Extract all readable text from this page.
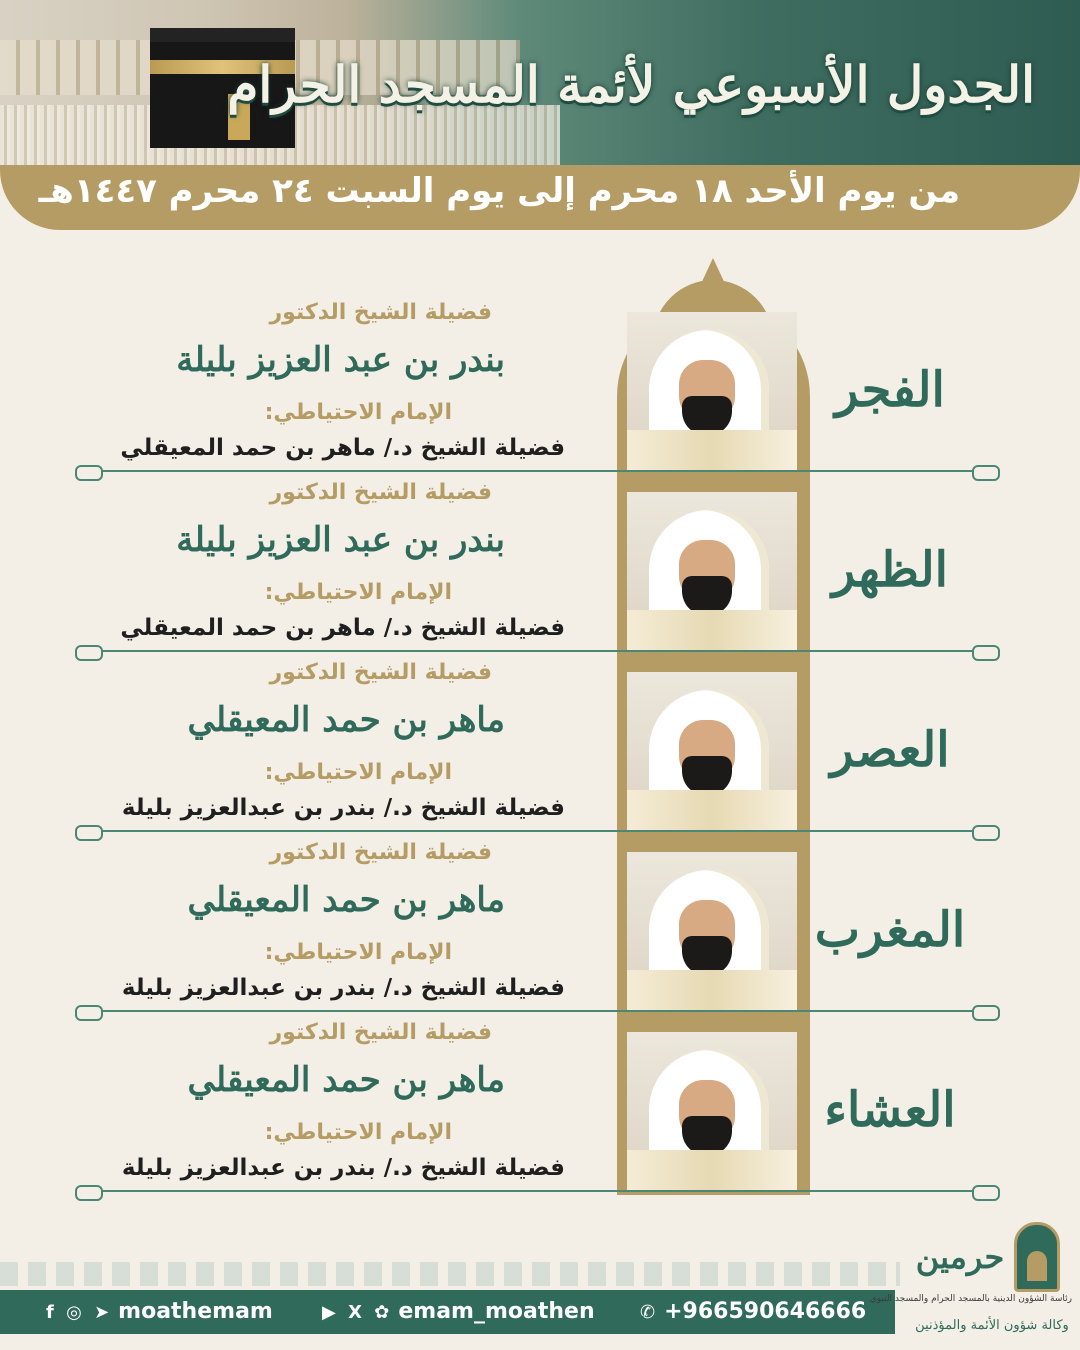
الجدول الأسبوعي لأئمة المسجد الحرام
من يوم الأحد ١٨ محرم إلى يوم السبت ٢٤ محرم ١٤٤٧هـ
فضيلة الشيخ الدكتور
بندر بن عبد العزيز بليلة
الإمام الاحتياطي:
فضيلة الشيخ د./ ماهر بن حمد المعيقلي
الفجر
فضيلة الشيخ الدكتور
بندر بن عبد العزيز بليلة
الإمام الاحتياطي:
فضيلة الشيخ د./ ماهر بن حمد المعيقلي
الظهر
فضيلة الشيخ الدكتور
ماهر بن حمد المعيقلي
الإمام الاحتياطي:
فضيلة الشيخ د./ بندر بن عبدالعزيز بليلة
العصر
فضيلة الشيخ الدكتور
ماهر بن حمد المعيقلي
الإمام الاحتياطي:
فضيلة الشيخ د./ بندر بن عبدالعزيز بليلة
المغرب
فضيلة الشيخ الدكتور
ماهر بن حمد المعيقلي
الإمام الاحتياطي:
فضيلة الشيخ د./ بندر بن عبدالعزيز بليلة
العشاء
f ◎ ➤ moathemam	▶ X ✿ emam_moathen	✆ +966590646666
حرمين
رئاسة الشؤون الدينية بالمسجد الحرام والمسجد النبوي
وكالة شؤون الأئمة والمؤذنين
